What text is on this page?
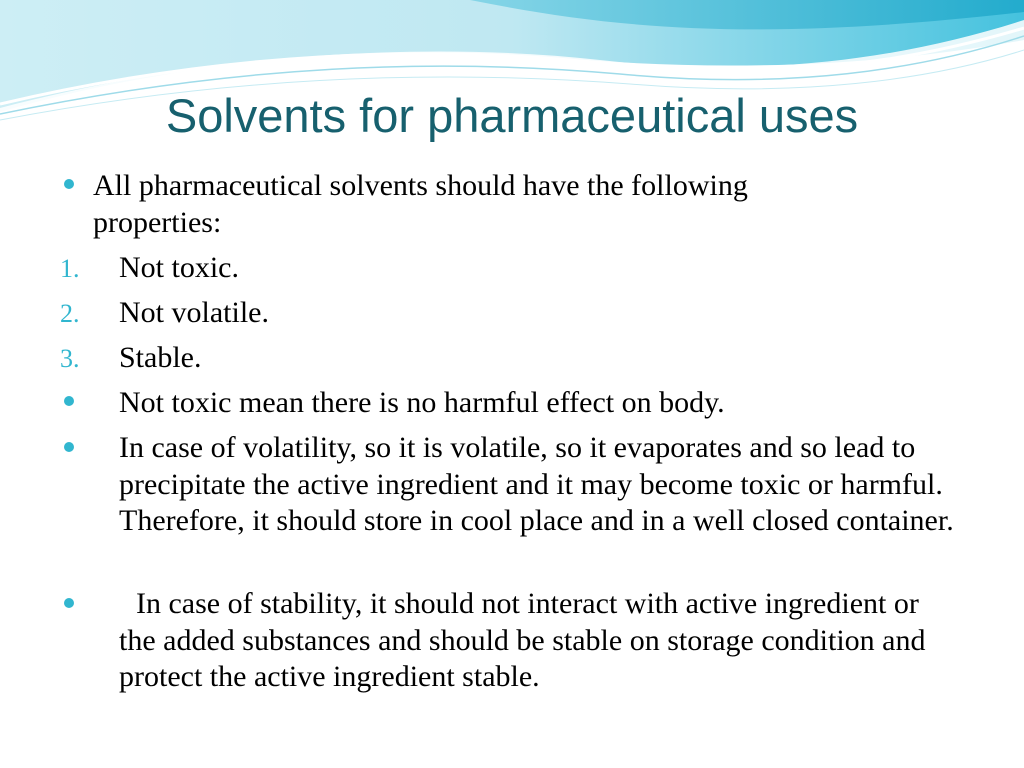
Solvents for pharmaceutical uses
All pharmaceutical solvents should have the following properties:
1. Not toxic.
2. Not volatile.
3. Stable.
Not toxic mean there is no harmful effect on body.
In case of volatility, so it is volatile, so it evaporates and so lead to precipitate the active ingredient and it may become toxic or harmful. Therefore, it should store in cool place and in a well closed container.
In case of stability, it should not interact with active ingredient or the added substances and should be stable on storage condition and protect the active ingredient stable.
